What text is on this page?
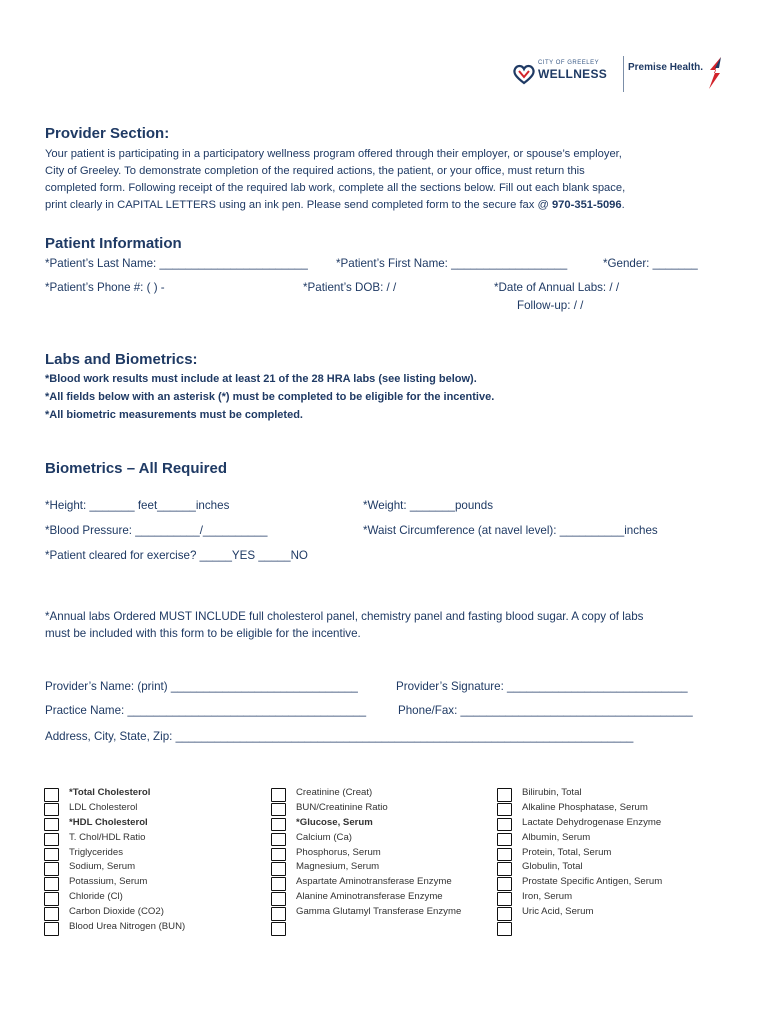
CITY OF GREELEY
WELLNESS Premise Health.
Provider Section:
Your patient is participating in a participatory wellness program offered through their employer, or spouse’s employer,
City of Greeley. To demonstrate completion of the required actions, the patient, or your office, must return this
completed form. Following receipt of the required lab work, complete all the sections below. Fill out each blank space,
print clearly in CAPITAL LETTERS using an ink pen. Please send completed form to the secure fax @ 970-351-5096.
Patient Information
*Patient’s Last Name: _______________________ *Patient’s First Name: __________________	*Gender: _______
*Patient’s Phone #: ( ) -	*Patient’s DOB: / /	*Date of Annual Labs: / /
Follow-up: / /
Labs and Biometrics:
*Blood work results must include at least 21 of the 28 HRA labs (see listing below).
*All fields below with an asterisk (*) must be completed to be eligible for the incentive.
*All biometric measurements must be completed.
Biometrics – All Required
*Height: _______ feet______inches	*Weight: _______pounds
*Blood Pressure: __________/__________	*Waist Circumference (at navel level): __________inches
*Patient cleared for exercise? _____YES _____NO
*Annual labs Ordered MUST INCLUDE full cholesterol panel, chemistry panel and fasting blood sugar. A copy of labs
must be included with this form to be eligible for the incentive.
Provider’s Name: (print) _____________________________	Provider’s Signature: ____________________________
Practice Name: _____________________________________	Phone/Fax: ____________________________________
Address, City, State, Zip: _______________________________________________________________________
*Total Cholesterol
LDL Cholesterol
*HDL Cholesterol
T. Chol/HDL Ratio
Triglycerides
Sodium, Serum
Potassium, Serum
Chloride (Cl)
Carbon Dioxide (CO2)
Blood Urea Nitrogen (BUN)
Creatinine (Creat)
BUN/Creatinine Ratio
*Glucose, Serum
Calcium (Ca)
Phosphorus, Serum
Magnesium, Serum
Aspartate Aminotransferase Enzyme
Alanine Aminotransferase Enzyme
Gamma Glutamyl Transferase Enzyme
Bilirubin, Total
Alkaline Phosphatase, Serum
Lactate Dehydrogenase Enzyme
Albumin, Serum
Protein, Total, Serum
Globulin, Total
Prostate Specific Antigen, Serum
Iron, Serum
Uric Acid, Serum
